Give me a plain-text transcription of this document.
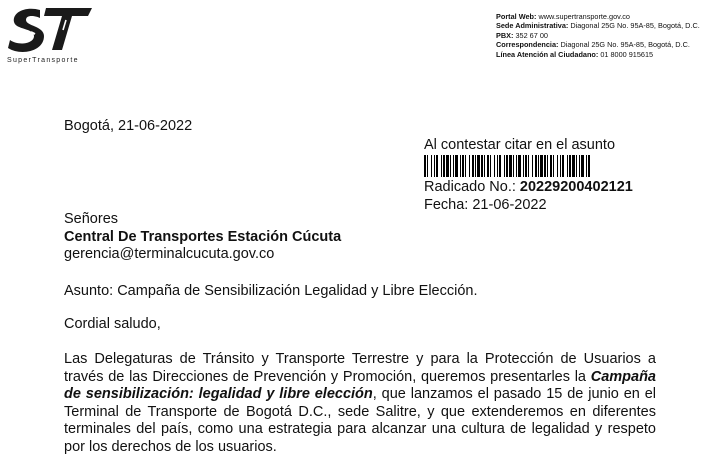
SuperTransporte
Portal Web: www.supertransporte.gov.co
Sede Administrativa: Diagonal 25G No. 95A-85, Bogotá, D.C.
PBX: 352 67 00
Correspondencia: Diagonal 25G No. 95A-85, Bogotá, D.C.
Línea Atención al Ciudadano: 01 8000 915615
Bogotá, 21-06-2022
Al contestar citar en el asunto
Radicado No.: 20229200402121
Fecha: 21-06-2022
Señores
Central De Transportes Estación Cúcuta
gerencia@terminalcucuta.gov.co
Asunto: Campaña de Sensibilización Legalidad y Libre Elección.
Cordial saludo,
Las Delegaturas de Tránsito y Transporte Terrestre y para la Protección de Usuarios a través de las Direcciones de Prevención y Promoción, queremos presentarles la Campaña de sensibilización: legalidad y libre elección, que lanzamos el pasado 15 de junio en el Terminal de Transporte de Bogotá D.C., sede Salitre, y que extenderemos en diferentes terminales del país, como una estrategia para alcanzar una cultura de legalidad y respeto por los derechos de los usuarios.
